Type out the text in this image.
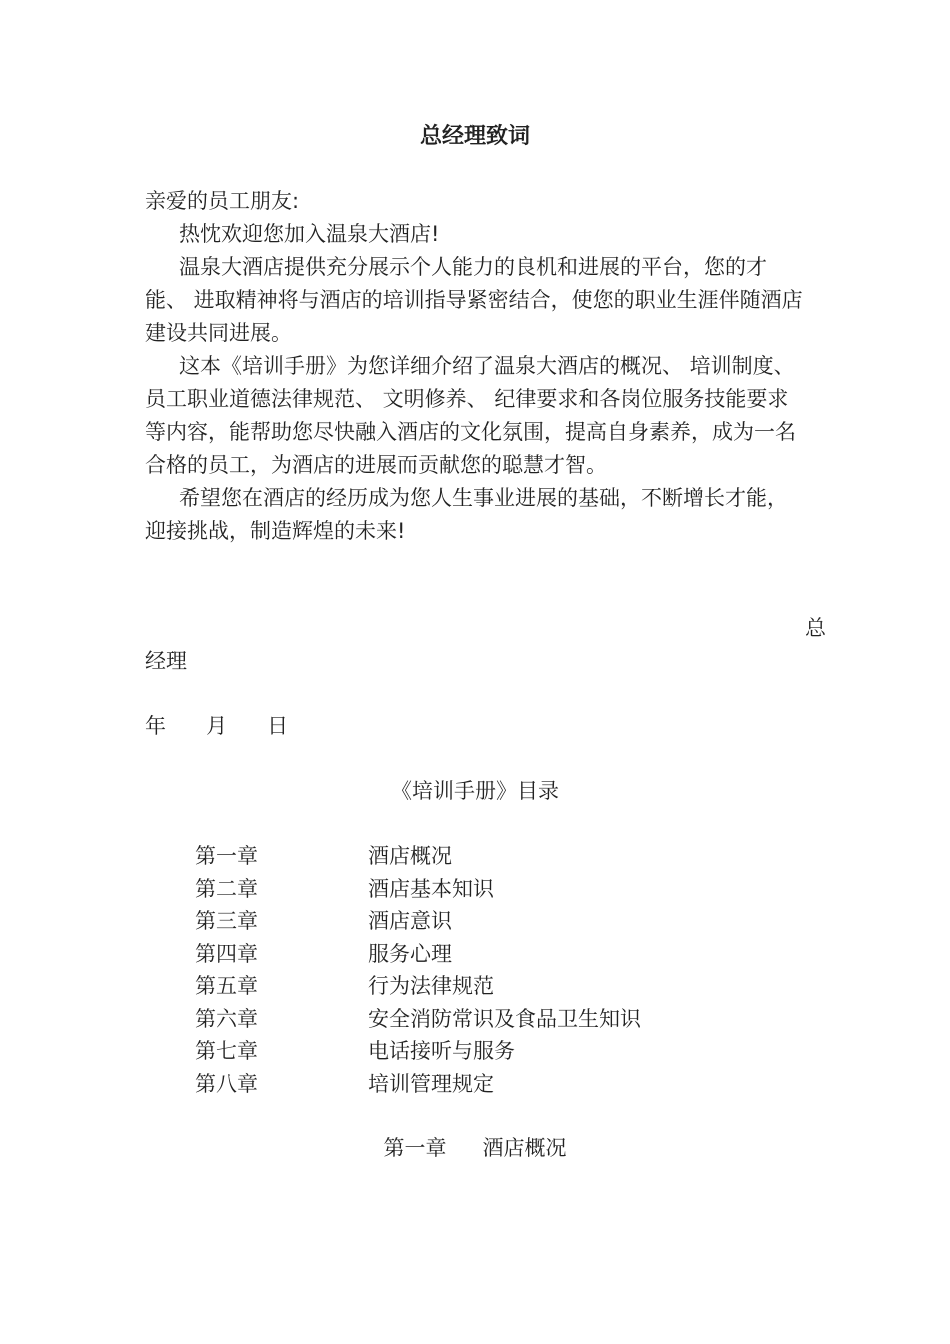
总经理致词

亲爱的员工朋友:

热忱欢迎您加入温泉大酒店!

温泉大酒店提供充分展示个人能力的良机和进展的平台，您的才能、 进取精神将与酒店的培训指导紧密结合，使您的职业生涯伴随酒店建设共同进展。

这本《培训手册》为您详细介绍了温泉大酒店的概况、 培训制度、 员工职业道德法律规范、 文明修养、 纪律要求和各岗位服务技能要求等内容，能帮助您尽快融入酒店的文化氛围，提高自身素养，成为一名合格的员工，为酒店的进展而贡献您的聪慧才智。

希望您在酒店的经历成为您人生事业进展的基础，不断增长才能，迎接挑战，制造辉煌的未来!

总
经理
年 月 日
《培训手册》目录
第一章	酒店概况
第二章	酒店基本知识
第三章	酒店意识
第四章	服务心理
第五章	行为法律规范
第六章	安全消防常识及食品卫生知识
第七章	电话接听与服务
第八章	培训管理规定
第一章 酒店概况
